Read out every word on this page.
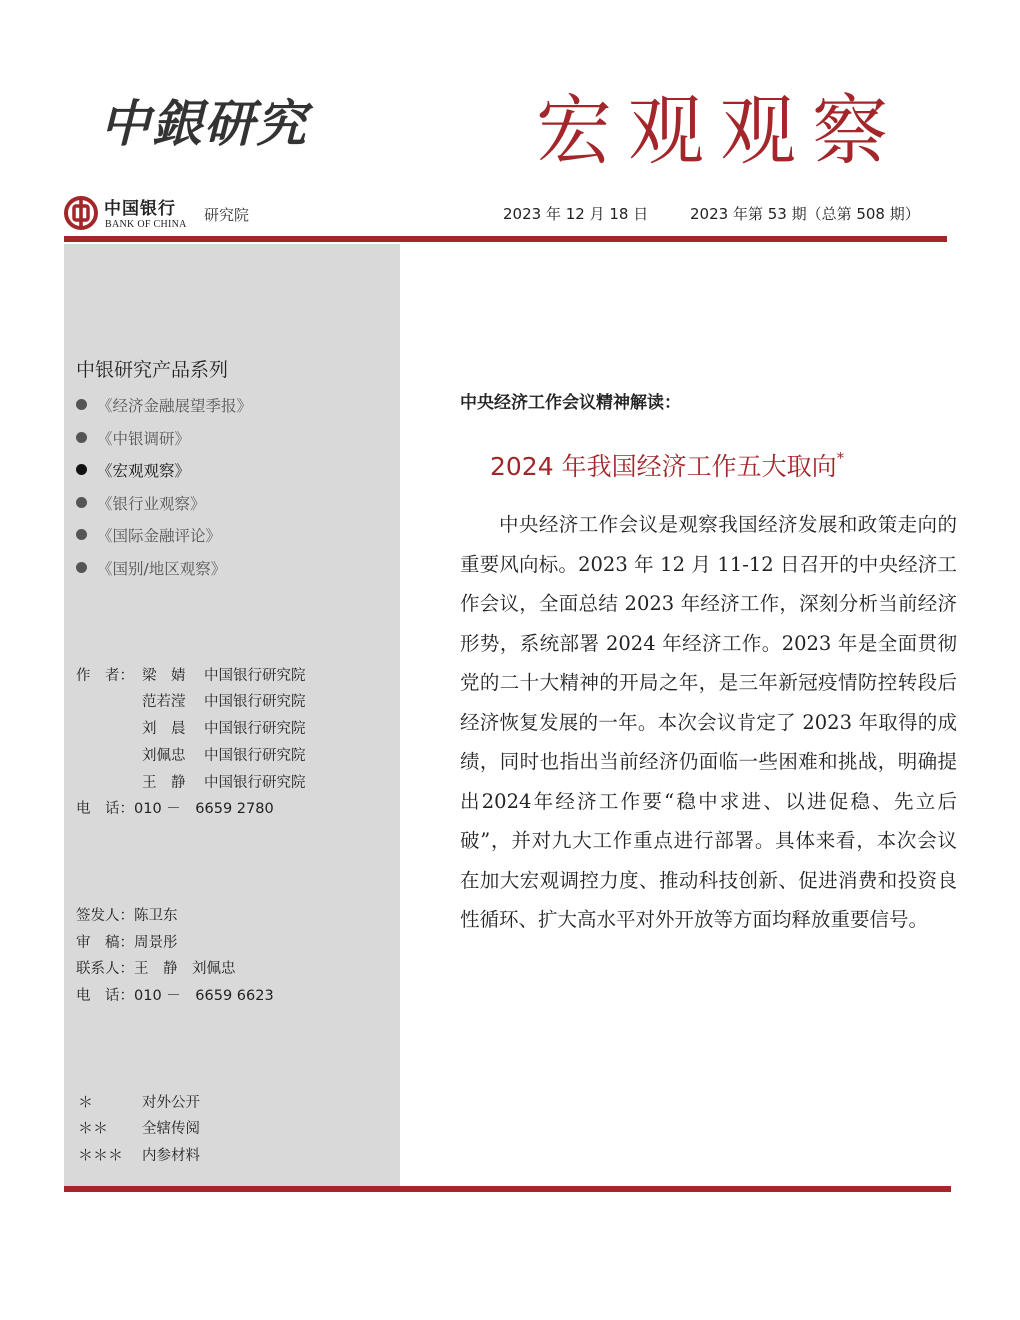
中銀研究	宏观观察
中国银行
BANK OF CHINA
研究院	2023 年 12 月 18 日	2023 年第 53 期（总第 508 期）
中银研究产品系列
《经济金融展望季报》
《中银调研》
《宏观观察》
《银行业观察》
《国际金融评论》
《国别/地区观察》
作　者： 梁　婧 中国银行研究院
范若滢 中国银行研究院
刘　晨 中国银行研究院
刘佩忠 中国银行研究院
王　静 中国银行研究院
电　话：010 －　6659 2780
签发人：陈卫东
审　稿：周景彤
联系人：王　静　刘佩忠
电　话：010 －　6659 6623
＊	对外公开
＊＊ 全辖传阅
＊＊＊ 内参材料
中央经济工作会议精神解读：
2024 年我国经济工作五大取向*
中央经济工作会议是观察我国经济发展和政策走向的重要风向标。2023 年 12 月 11-12 日召开的中央经济工作会议，全面总结 2023 年经济工作，深刻分析当前经济形势，系统部署 2024 年经济工作。2023 年是全面贯彻党的二十大精神的开局之年，是三年新冠疫情防控转段后经济恢复发展的一年。本次会议肯定了 2023 年取得的成绩，同时也指出当前经济仍面临一些困难和挑战，明确提出2024年经济工作要“稳中求进、以进促稳、先立后破”，并对九大工作重点进行部署。具体来看，本次会议在加大宏观调控力度、推动科技创新、促进消费和投资良性循环、扩大高水平对外开放等方面均释放重要信号。
